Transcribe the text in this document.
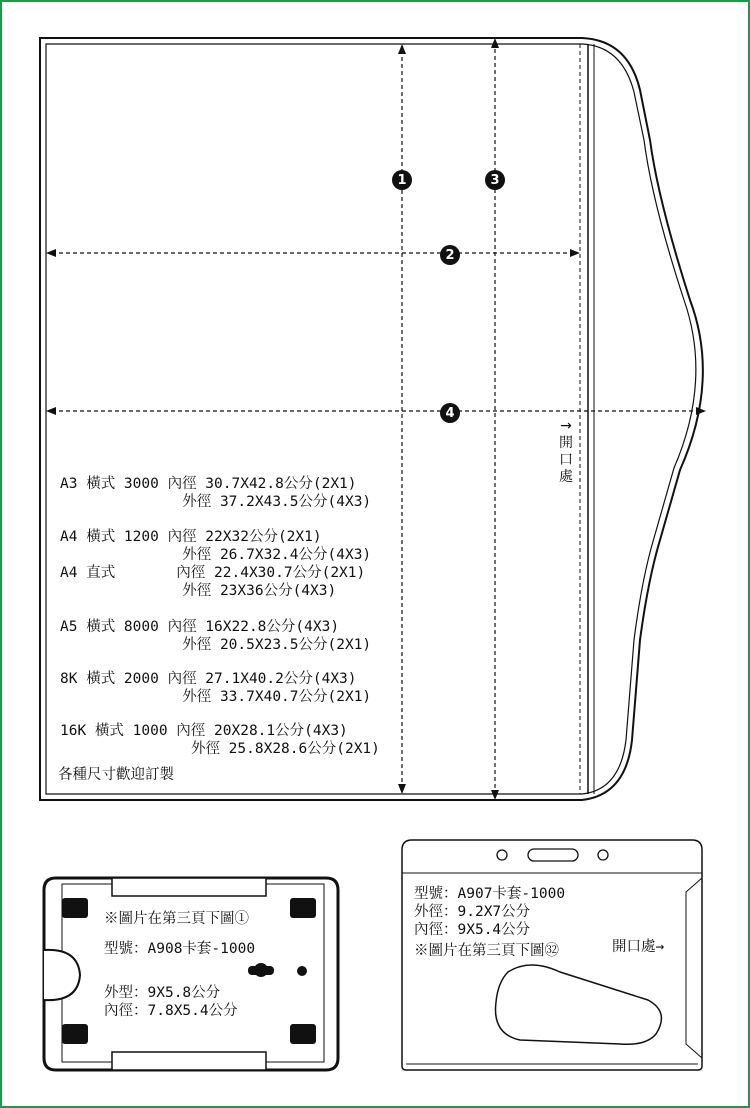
1	3
2
4
→
開
口
處
A3 橫式 3000 內徑 30.7X42.8公分(2X1)
外徑 37.2X43.5公分(4X3)
A4 橫式 1200 內徑 22X32公分(2X1)
外徑 26.7X32.4公分(4X3)
A4 直式       內徑 22.4X30.7公分(2X1)
外徑 23X36公分(4X3)
A5 橫式 8000 內徑 16X22.8公分(4X3)
外徑 20.5X23.5公分(2X1)
8K 橫式 2000 內徑 27.1X40.2公分(4X3)
外徑 33.7X40.7公分(2X1)
16K 橫式 1000 內徑 20X28.1公分(4X3)
外徑 25.8X28.6公分(2X1)
各種尺寸歡迎訂製
※圖片在第三頁下圖①
型號：A908卡套-1000
外型：9X5.8公分
內徑：7.8X5.4公分
型號：A907卡套-1000
外徑：9.2X7公分
內徑：9X5.4公分
※圖片在第三頁下圖㉜	開口處→
